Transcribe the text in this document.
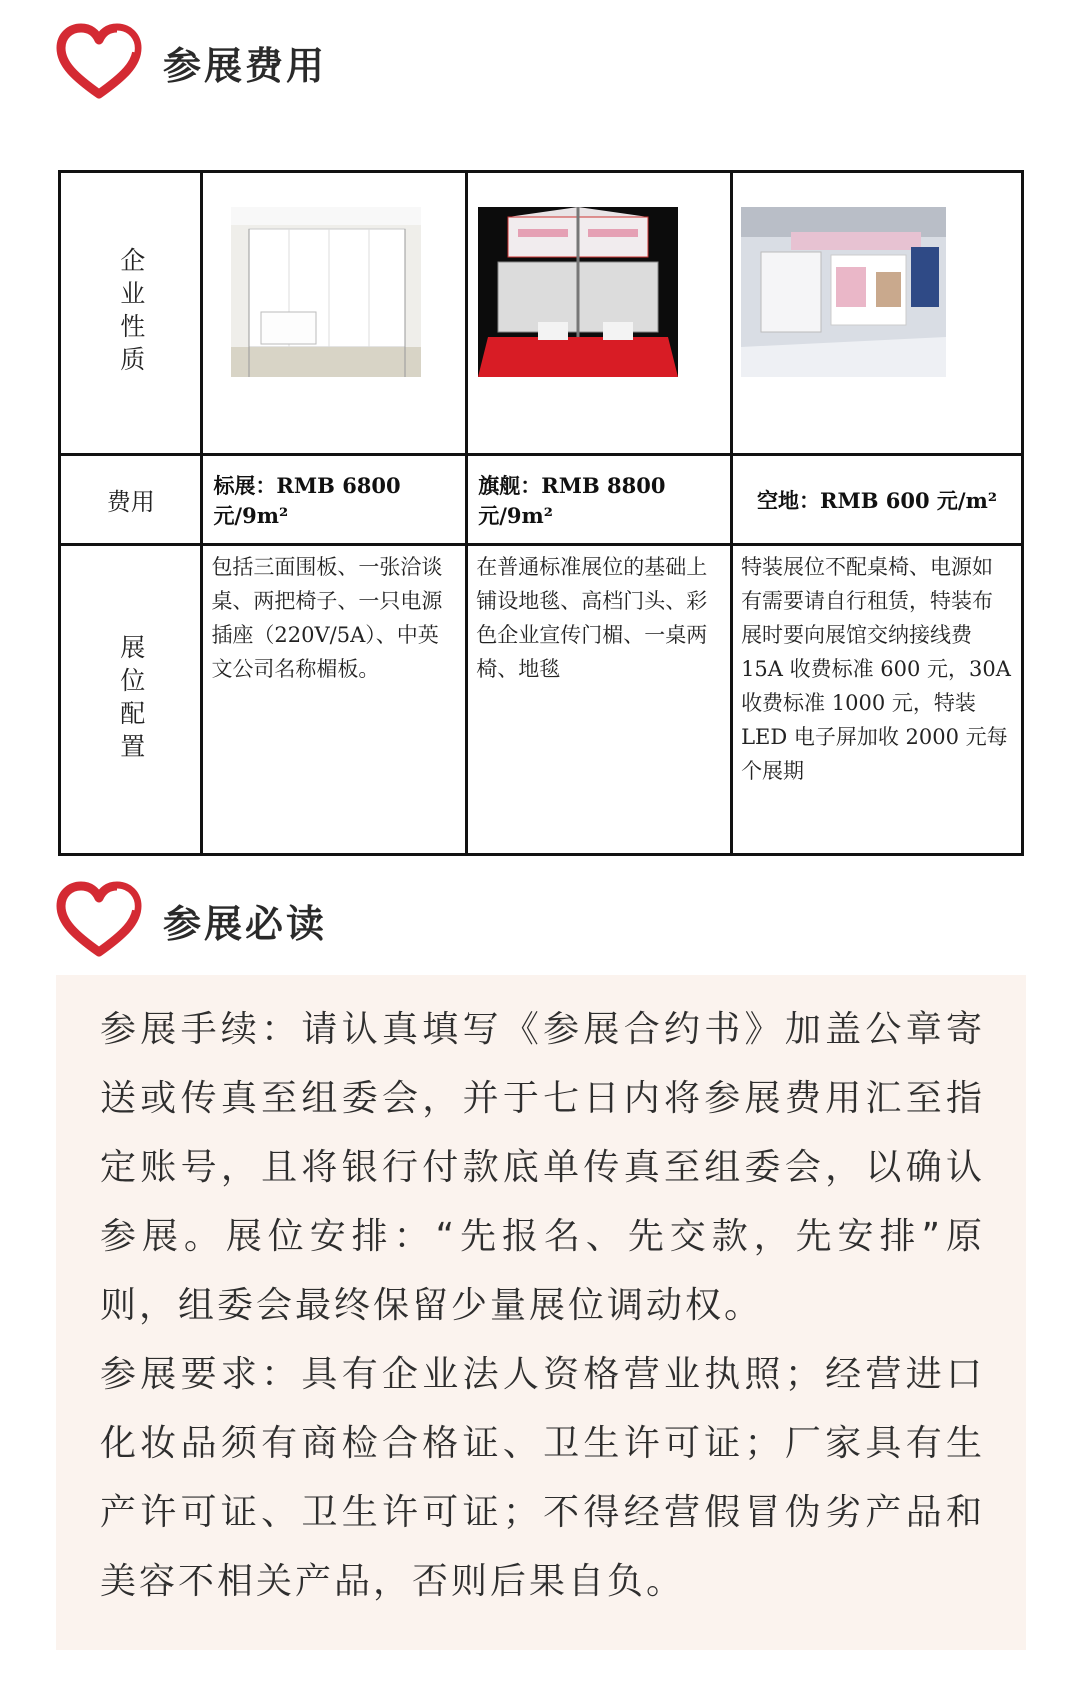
参展费用
企业性质

费用	标展：RMB 6800 元/9m²	旗舰：RMB 8800 元/9m²	空地：RMB 600 元/m²

展位配置	包括三面围板、一张洽谈桌、两把椅子、一只电源插座（220V/5A）、中英文公司名称楣板。	在普通标准展位的基础上铺设地毯、高档门头、彩色企业宣传门楣、一桌两椅、地毯	特装展位不配桌椅、电源如有需要请自行租赁，特装布展时要向展馆交纳接线费15A 收费标准 600 元，30A 收费标准 1000 元，特装LED 电子屏加收 2000 元每个展期
参展必读

参展手续：请认真填写《参展合约书》加盖公章寄送或传真至组委会，并于七日内将参展费用汇至指定账号，且将银行付款底单传真至组委会，以确认参展。展位安排：“先报名、先交款，先安排”原则，组委会最终保留少量展位调动权。

参展要求：具有企业法人资格营业执照；经营进口化妆品须有商检合格证、卫生许可证；厂家具有生产许可证、卫生许可证；不得经营假冒伪劣产品和美容不相关产品，否则后果自负。
